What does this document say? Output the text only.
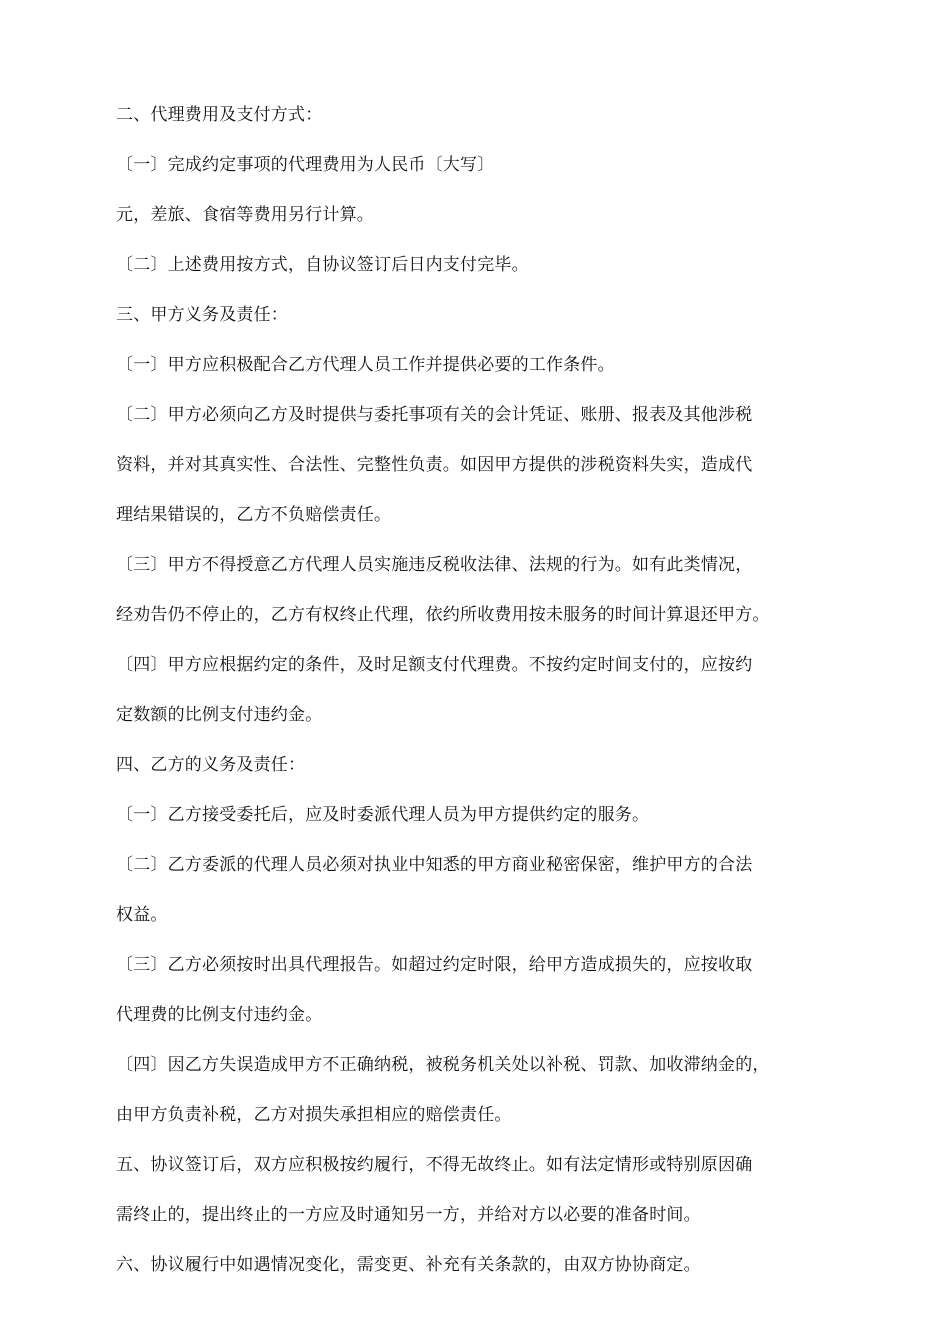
二、代理费用及支付方式：
〔一〕完成约定事项的代理费用为人民币〔大写〕
元，差旅、食宿等费用另行计算。
〔二〕上述费用按方式，自协议签订后日内支付完毕。
三、甲方义务及责任：
〔一〕甲方应积极配合乙方代理人员工作并提供必要的工作条件。
〔二〕甲方必须向乙方及时提供与委托事项有关的会计凭证、账册、报表及其他涉税
资料，并对其真实性、合法性、完整性负责。如因甲方提供的涉税资料失实，造成代
理结果错误的，乙方不负赔偿责任。
〔三〕甲方不得授意乙方代理人员实施违反税收法律、法规的行为。如有此类情况，
经劝告仍不停止的，乙方有权终止代理，依约所收费用按未服务的时间计算退还甲方。
〔四〕甲方应根据约定的条件，及时足额支付代理费。不按约定时间支付的，应按约
定数额的比例支付违约金。
四、乙方的义务及责任：
〔一〕乙方接受委托后，应及时委派代理人员为甲方提供约定的服务。
〔二〕乙方委派的代理人员必须对执业中知悉的甲方商业秘密保密，维护甲方的合法
权益。
〔三〕乙方必须按时出具代理报告。如超过约定时限，给甲方造成损失的，应按收取
代理费的比例支付违约金。
〔四〕因乙方失误造成甲方不正确纳税，被税务机关处以补税、罚款、加收滞纳金的，
由甲方负责补税，乙方对损失承担相应的赔偿责任。
五、协议签订后，双方应积极按约履行，不得无故终止。如有法定情形或特别原因确
需终止的，提出终止的一方应及时通知另一方，并给对方以必要的准备时间。
六、协议履行中如遇情况变化，需变更、补充有关条款的，由双方协协商定。
